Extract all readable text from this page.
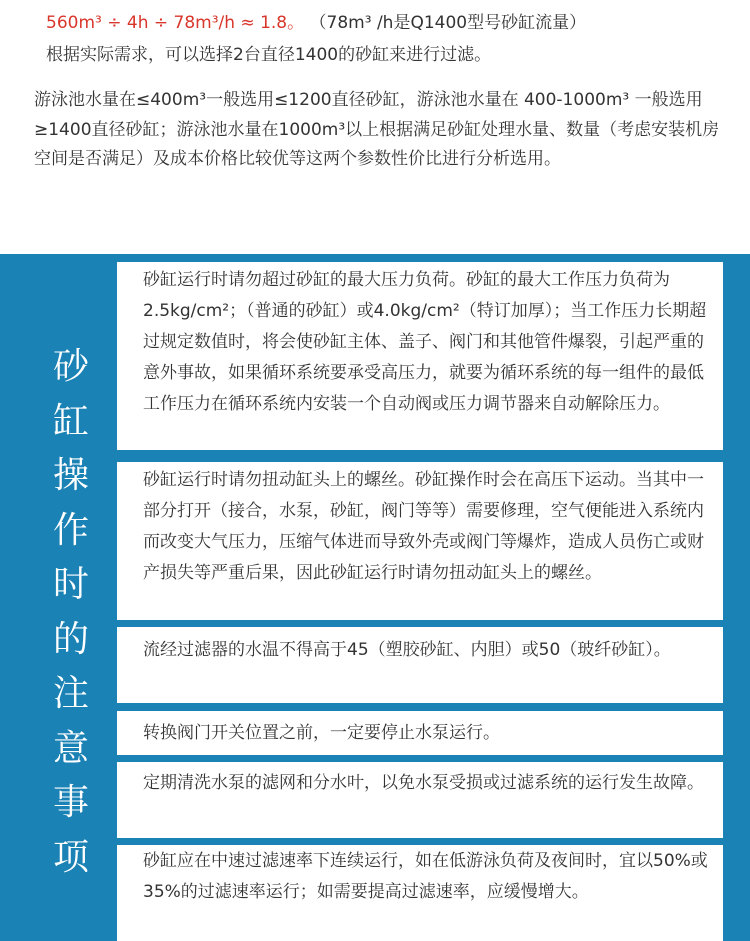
560m³ ÷ 4h ÷ 78m³/h ≈ 1.8。 （78m³ /h是Q1400型号砂缸流量）
根据实际需求，可以选择2台直径1400的砂缸来进行过滤。
游泳池水量在≤400m³一般选用≤1200直径砂缸，游泳池水量在 400-1000m³ 一般选用≥1400直径砂缸；游泳池水量在1000m³以上根据满足砂缸处理水量、数量（考虑安装机房空间是否满足）及成本价格比较优等这两个参数性价比进行分析选用。
砂缸操作时的注意事项
砂缸运行时请勿超过砂缸的最大压力负荷。砂缸的最大工作压力负荷为2.5kg/cm²；（普通的砂缸）或4.0kg/cm²（特订加厚）；当工作压力长期超过规定数值时，将会使砂缸主体、盖子、阀门和其他管件爆裂，引起严重的意外事故，如果循环系统要承受高压力，就要为循环系统的每一组件的最低工作压力在循环系统内安装一个自动阀或压力调节器来自动解除压力。
砂缸运行时请勿扭动缸头上的螺丝。砂缸操作时会在高压下运动。当其中一部分打开（接合，水泵，砂缸，阀门等等）需要修理，空气便能进入系统内而改变大气压力，压缩气体进而导致外壳或阀门等爆炸，造成人员伤亡或财产损失等严重后果，因此砂缸运行时请勿扭动缸头上的螺丝。
流经过滤器的水温不得高于45（塑胶砂缸、内胆）或50（玻纤砂缸）。
转换阀门开关位置之前，一定要停止水泵运行。
定期清洗水泵的滤网和分水叶，以免水泵受损或过滤系统的运行发生故障。
砂缸应在中速过滤速率下连续运行，如在低游泳负荷及夜间时，宜以50%或35%的过滤速率运行；如需要提高过滤速率，应缓慢增大。
